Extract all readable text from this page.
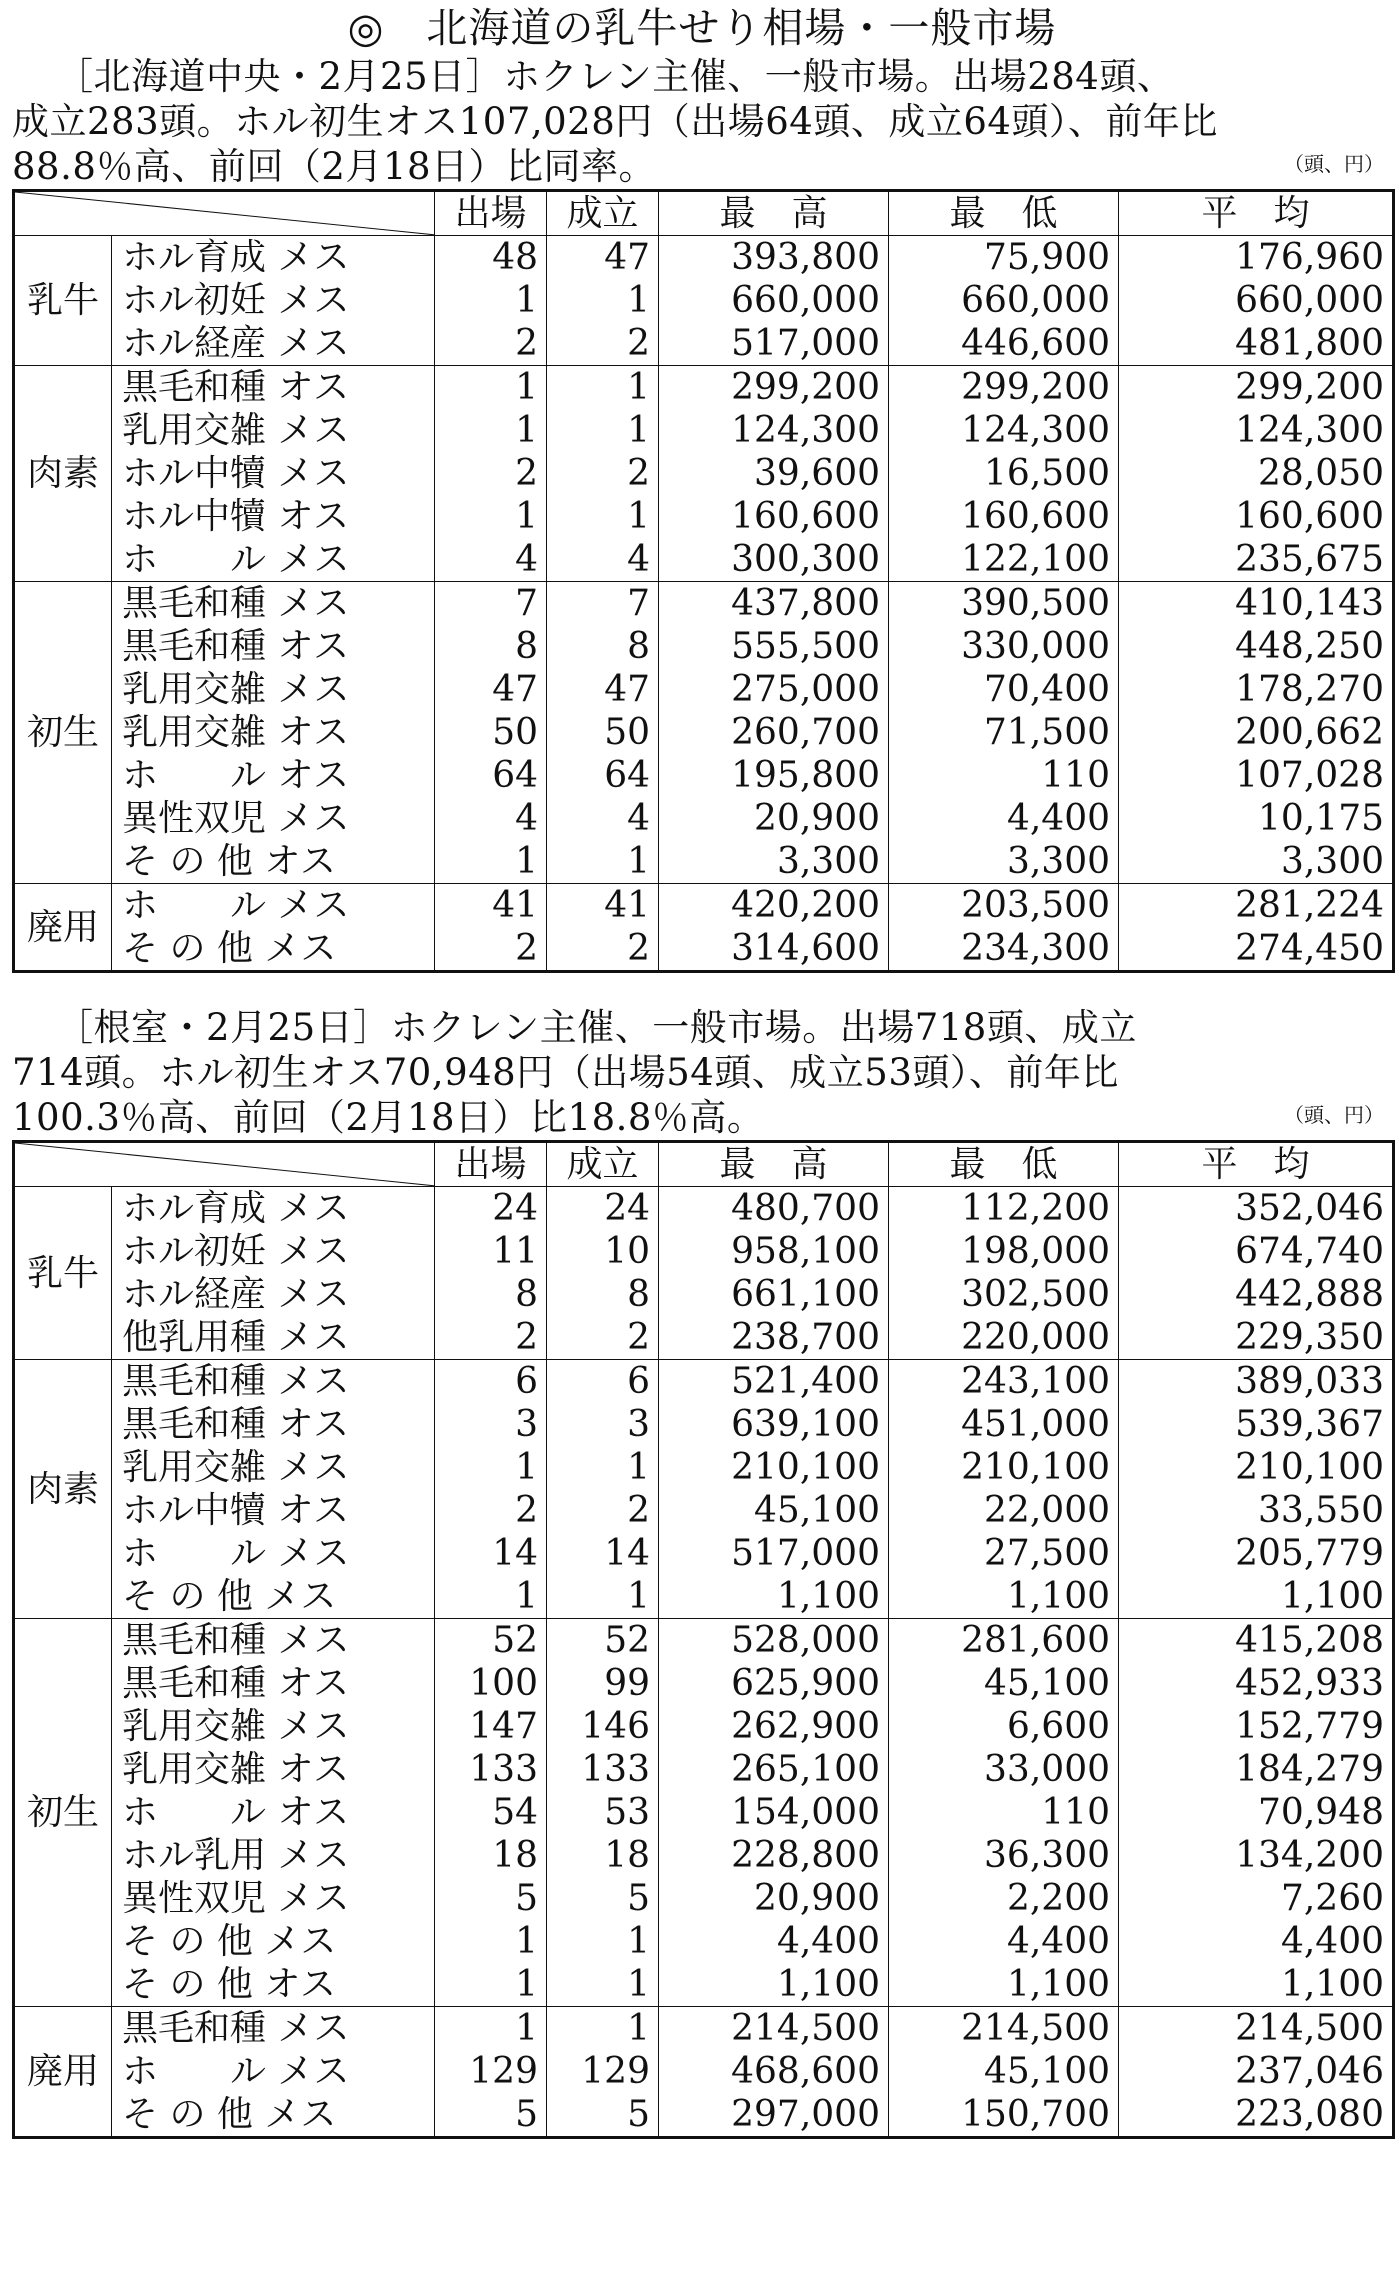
◎　北海道の乳牛せり相場・一般市場
［北海道中央・2月25日］ホクレン主催、一般市場。出場284頭、
成立283頭。ホル初生オス107,028円（出場64頭、成立64頭）、前年比
88.8％高、前回（2月18日）比同率。	（頭、円）
	出場	成立	最　高	最　低	平　均
乳牛	ホル育成 メス	48	47	393,800	75,900	176,960
	ホル初妊 メス	1	1	660,000	660,000	660,000
	ホル経産 メス	2	2	517,000	446,600	481,800
肉素	黒毛和種 オス	1	1	299,200	299,200	299,200
	乳用交雑 メス	1	1	124,300	124,300	124,300
	ホル中犢 メス	2	2	39,600	16,500	28,050
	ホル中犢 オス	1	1	160,600	160,600	160,600
	ホ　　ル メス	4	4	300,300	122,100	235,675
初生	黒毛和種 メス	7	7	437,800	390,500	410,143
	黒毛和種 オス	8	8	555,500	330,000	448,250
	乳用交雑 メス	47	47	275,000	70,400	178,270
	乳用交雑 オス	50	50	260,700	71,500	200,662
	ホ　　ル オス	64	64	195,800	110	107,028
	異性双児 メス	4	4	20,900	4,400	10,175
	そ の 他 オス	1	1	3,300	3,300	3,300
廃用	ホ　　ル メス	41	41	420,200	203,500	281,224
	そ の 他 メス	2	2	314,600	234,300	274,450
［根室・2月25日］ホクレン主催、一般市場。出場718頭、成立
714頭。ホル初生オス70,948円（出場54頭、成立53頭）、前年比
100.3％高、前回（2月18日）比18.8％高。	（頭、円）
	出場	成立	最　高	最　低	平　均
乳牛	ホル育成 メス	24	24	480,700	112,200	352,046
	ホル初妊 メス	11	10	958,100	198,000	674,740
	ホル経産 メス	8	8	661,100	302,500	442,888
	他乳用種 メス	2	2	238,700	220,000	229,350
肉素	黒毛和種 メス	6	6	521,400	243,100	389,033
	黒毛和種 オス	3	3	639,100	451,000	539,367
	乳用交雑 メス	1	1	210,100	210,100	210,100
	ホル中犢 オス	2	2	45,100	22,000	33,550
	ホ　　ル メス	14	14	517,000	27,500	205,779
	そ の 他 メス	1	1	1,100	1,100	1,100
初生	黒毛和種 メス	52	52	528,000	281,600	415,208
	黒毛和種 オス	100	99	625,900	45,100	452,933
	乳用交雑 メス	147	146	262,900	6,600	152,779
	乳用交雑 オス	133	133	265,100	33,000	184,279
	ホ　　ル オス	54	53	154,000	110	70,948
	ホル乳用 メス	18	18	228,800	36,300	134,200
	異性双児 メス	5	5	20,900	2,200	7,260
	そ の 他 メス	1	1	4,400	4,400	4,400
	そ の 他 オス	1	1	1,100	1,100	1,100
廃用	黒毛和種 メス	1	1	214,500	214,500	214,500
	ホ　　ル メス	129	129	468,600	45,100	237,046
	そ の 他 メス	5	5	297,000	150,700	223,080
